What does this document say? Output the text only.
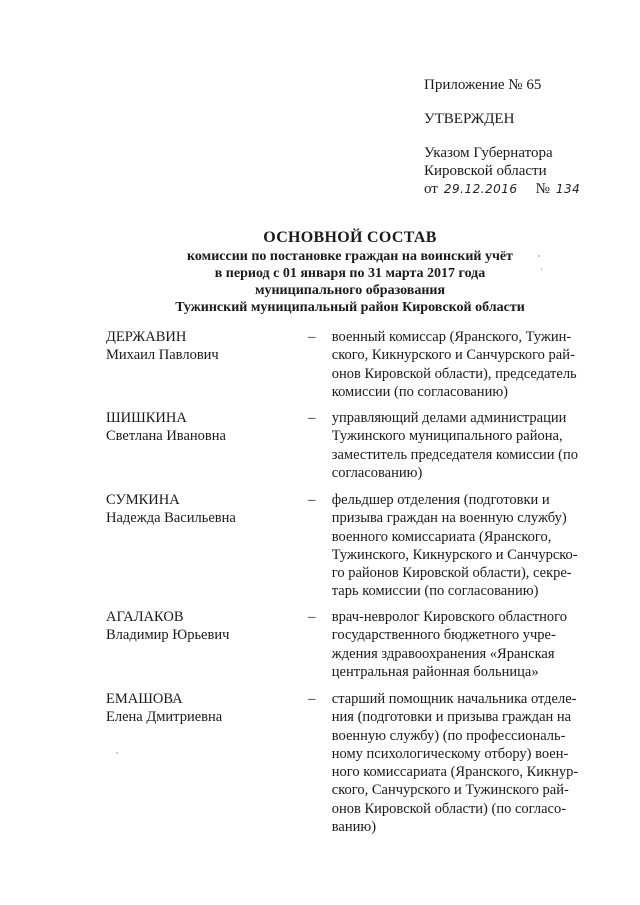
Приложение № 65
УТВЕРЖДЕН
Указом Губернатора
Кировской области
от 29.12.2016 № 134
ОСНОВНОЙ СОСТАВ
комиссии по постановке граждан на воинский учёт
в период с 01 января по 31 марта 2017 года
муниципального образования
Тужинский муниципальный район Кировской области
ДЕРЖАВИН
Михаил Павлович
–	военный комиссар (Яранского, Тужин-
ского, Кикнурского и Санчурского рай-
онов Кировской области), председатель
комиссии (по согласованию)
ШИШКИНА
Светлана Ивановна
–	управляющий делами администрации
Тужинского муниципального района,
заместитель председателя комиссии (по
согласованию)
СУМКИНА
Надежда Васильевна
–	фельдшер отделения (подготовки и
призыва граждан на военную службу)
военного комиссариата (Яранского,
Тужинского, Кикнурского и Санчурско-
го районов Кировской области), секре-
тарь комиссии (по согласованию)
АГАЛАКОВ
Владимир Юрьевич
–	врач-невролог Кировского областного
государственного бюджетного учре-
ждения здравоохранения «Яранская
центральная районная больница»
ЕМАШОВА
Елена Дмитриевна
–	старший помощник начальника отделе-
ния (подготовки и призыва граждан на
военную службу) (по профессиональ-
ному психологическому отбору) воен-
ного комиссариата (Яранского, Кикнур-
ского, Санчурского и Тужинского рай-
онов Кировской области) (по согласо-
ванию)
